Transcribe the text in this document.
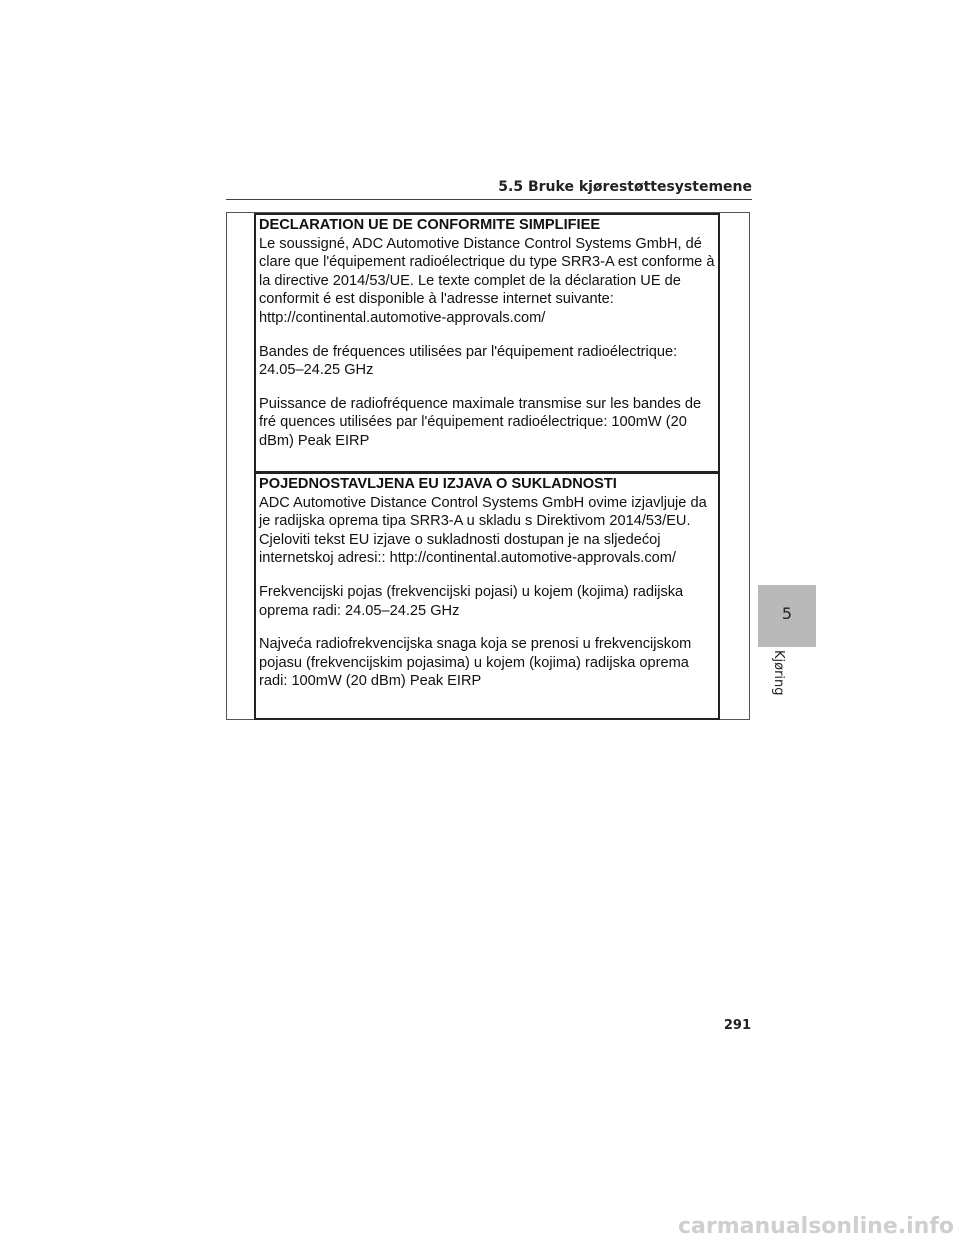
5.5 Bruke kjørestøttesystemene
DECLARATION UE DE CONFORMITE SIMPLIFIEE

Le soussigné, ADC Automotive Distance Control Systems GmbH, dé clare que l'équipement radioélectrique du type SRR3-A est conforme à la directive 2014/53/UE. Le texte complet de la déclaration UE de conformit é est disponible à l'adresse internet suivante: http://continental.automotive-approvals.com/

Bandes de fréquences utilisées par l'équipement radioélectrique: 24.05–24.25 GHz

Puissance de radiofréquence maximale transmise sur les bandes de fré quences utilisées par l'équipement radioélectrique: 100mW (20 dBm) Peak EIRP

POJEDNOSTAVLJENA EU IZJAVA O SUKLADNOSTI

ADC Automotive Distance Control Systems GmbH ovime izjavljuje da je radijska oprema tipa SRR3-A u skladu s Direktivom 2014/53/EU. Cjeloviti tekst EU izjave o sukladnosti dostupan je na sljedećoj internetskoj adresi:: http://continental.automotive-approvals.com/

Frekvencijski pojas (frekvencijski pojasi) u kojem (kojima) radijska oprema radi: 24.05–24.25 GHz

Najveća radiofrekvencijska snaga koja se prenosi u frekvencijskom pojasu (frekvencijskim pojasima) u kojem (kojima) radijska oprema radi: 100mW (20 dBm) Peak EIRP

5
Kjøring
291
carmanualsonline.info
